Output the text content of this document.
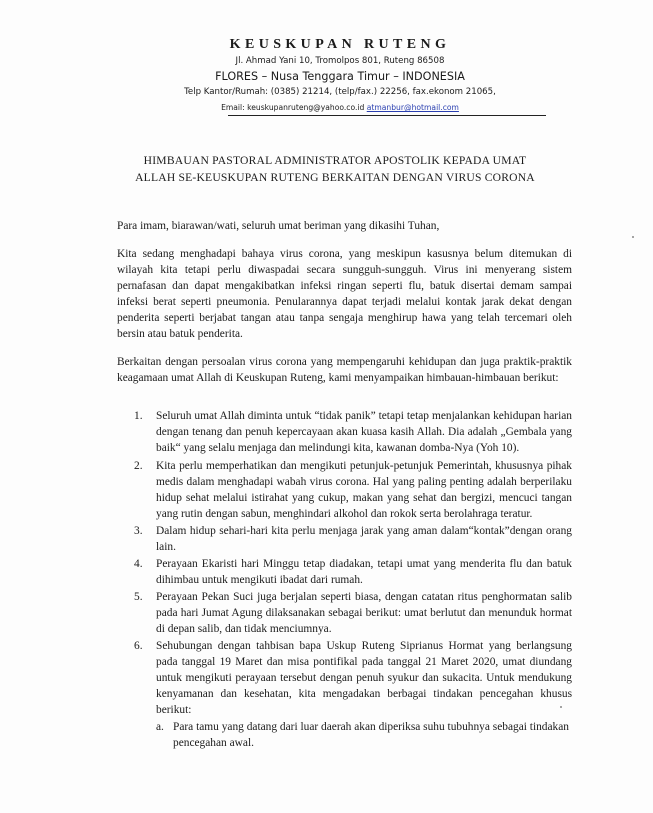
KEUSKUPAN RUTENG

Jl. Ahmad Yani 10, Tromolpos 801, Ruteng 86508

FLORES – Nusa Tenggara Timur – INDONESIA

Telp Kantor/Rumah: (0385) 21214, (telp/fax.) 22256, fax.ekonom 21065,

Email: keuskupanruteng@yahoo.co.id atmanbur@hotmail.com

HIMBAUAN PASTORAL ADMINISTRATOR APOSTOLIK KEPADA UMAT
ALLAH SE-KEUSKUPAN RUTENG BERKAITAN DENGAN VIRUS CORONA

Para imam, biarawan/wati, seluruh umat beriman yang dikasihi Tuhan,

Kita sedang menghadapi bahaya virus corona, yang meskipun kasusnya belum ditemukan di wilayah kita tetapi perlu diwaspadai secara sungguh-sungguh. Virus ini menyerang sistem pernafasan dan dapat mengakibatkan infeksi ringan seperti flu, batuk disertai demam sampai infeksi berat seperti pneumonia. Penularannya dapat terjadi melalui kontak jarak dekat dengan penderita seperti berjabat tangan atau tanpa sengaja menghirup hawa yang telah tercemari oleh bersin atau batuk penderita.

Berkaitan dengan persoalan virus corona yang mempengaruhi kehidupan dan juga praktik-praktik keagamaan umat Allah di Keuskupan Ruteng, kami menyampaikan himbauan-himbauan berikut:

1. Seluruh umat Allah diminta untuk “tidak panik” tetapi tetap menjalankan kehidupan harian dengan tenang dan penuh kepercayaan akan kuasa kasih Allah. Dia adalah „Gembala yang baik“ yang selalu menjaga dan melindungi kita, kawanan domba-Nya (Yoh 10).
2. Kita perlu memperhatikan dan mengikuti petunjuk-petunjuk Pemerintah, khususnya pihak medis dalam menghadapi wabah virus corona. Hal yang paling penting adalah berperilaku hidup sehat melalui istirahat yang cukup, makan yang sehat dan bergizi, mencuci tangan yang rutin dengan sabun, menghindari alkohol dan rokok serta berolahraga teratur.
3. Dalam hidup sehari-hari kita perlu menjaga jarak yang aman dalam“kontak”dengan orang lain.
4. Perayaan Ekaristi hari Minggu tetap diadakan, tetapi umat yang menderita flu dan batuk dihimbau untuk mengikuti ibadat dari rumah.
5. Perayaan Pekan Suci juga berjalan seperti biasa, dengan catatan ritus penghormatan salib pada hari Jumat Agung dilaksanakan sebagai berikut: umat berlutut dan menunduk hormat di depan salib, dan tidak menciumnya.
6. Sehubungan dengan tahbisan bapa Uskup Ruteng Siprianus Hormat yang berlangsung pada tanggal 19 Maret dan misa pontifikal pada tanggal 21 Maret 2020, umat diundang untuk mengikuti perayaan tersebut dengan penuh syukur dan sukacita. Untuk mendukung kenyamanan dan kesehatan, kita mengadakan berbagai tindakan pencegahan khusus berikut:
a. Para tamu yang datang dari luar daerah akan diperiksa suhu tubuhnya sebagai tindakan pencegahan awal.
